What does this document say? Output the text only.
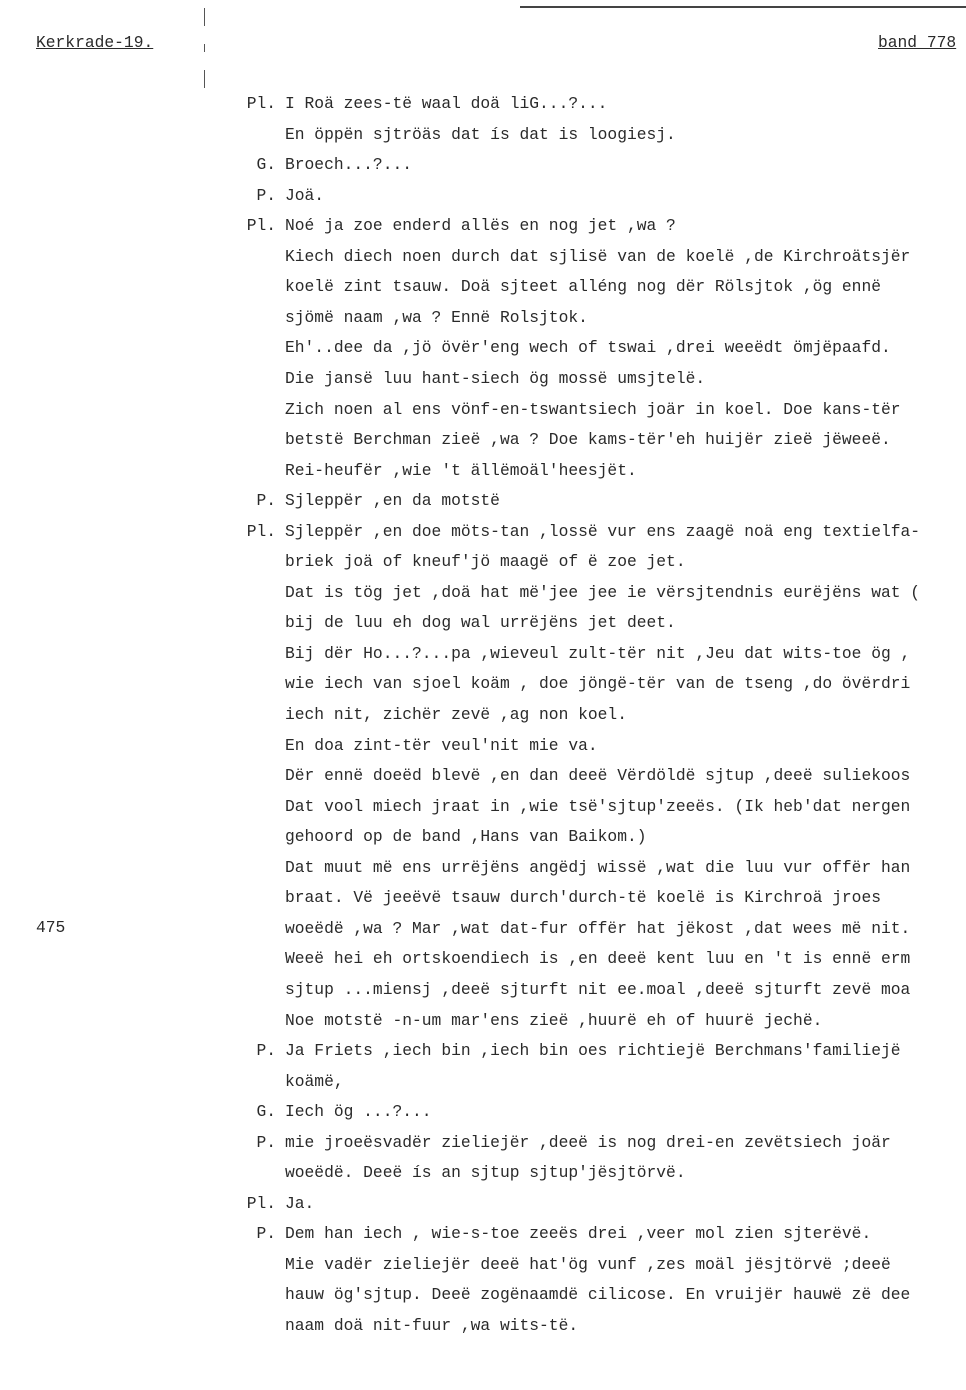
Kerkrade-19.	band 778
475
Pl. I Roä zees-të waal doä liG...?...
En öppën sjtröäs dat ís dat is loogiesj.
G. Broech...?...
P. Joä.
Pl. Noé ja zoe enderd allës en nog jet ,wa ?
Kiech diech noen durch dat sjlisë van de koelë ,de Kirchroätsjër
koelë zint tsauw. Doä sjteet alléng nog dër Rölsjtok ,ög ennë
sjömë naam ,wa ? Ennë Rolsjtok.
Eh'..dee da ,jö övër'eng wech of tswai ,drei weeëdt ömjëpaafd.
Die jansë luu hant-siech ög mossë umsjtelë.
Zich noen al ens vönf-en-tswantsiech joär in koel. Doe kans-tër
betstë Berchman zieë ,wa ? Doe kams-tër'eh huijër zieë jëweeë.
Rei-heufër ,wie 't ällëmoäl'heesjët.
P. Sjleppër ,en da motstë
Pl. Sjleppër ,en doe möts-tan ,lossë vur ens zaagë noä eng textielfa-
briek joä of kneuf'jö maagë of ë zoe jet.
Dat is tög jet ,doä hat më'jee jee ie vërsjtendnis eurëjëns wat (
bij de luu eh dog wal urrëjëns jet deet.
Bij dër Ho...?...pa ,wieveul zult-tër nit ,Jeu dat wits-toe ög ,
wie iech van sjoel koäm , doe jöngë-tër van de tseng ,do övërdri
iech nit, zichër zevë ,ag non koel.
En doa zint-tër veul'nit mie va.
Dër ennë doeëd blevë ,en dan deeë Vërdöldë sjtup ,deeë suliekoos
Dat vool miech jraat in ,wie tsë'sjtup'zeeës. (Ik heb'dat nergen
gehoord op de band ,Hans van Baikom.)
Dat muut më ens urrëjëns angëdj wissë ,wat die luu vur offër han
braat. Vë jeeëvë tsauw durch'durch-të koelë is Kirchroä jroes
woeëdë ,wa ? Mar ,wat dat-fur offër hat jëkost ,dat wees më nit.
Weeë hei eh ortskoendiech is ,en deeë kent luu en 't is ennë erm
sjtup ...miensj ,deeë sjturft nit ee.moal ,deeë sjturft zevë moa
Noe motstë -n-um mar'ens zieë ,huurë eh of huurë jechë.
P. Ja Friets ,iech bin ,iech bin oes richtiejë Berchmans'familiejë
koämë,
G. Iech ög ...?...
P. mie jroeësvadër zieliejër ,deeë is nog drei-en zevëtsiech joär
woeëdë. Deeë ís an sjtup sjtup'jësjtörvë.
Pl. Ja.
P. Dem han iech , wie-s-toe zeeës drei ,veer mol zien sjterëvë.
Mie vadër zieliejër deeë hat'ög vunf ,zes moäl jësjtörvë ;deeë
hauw ög'sjtup. Deeë zogënaamdë cilicose. En vruijër hauwë zë dee
naam doä nit-fuur ,wa wits-të.
